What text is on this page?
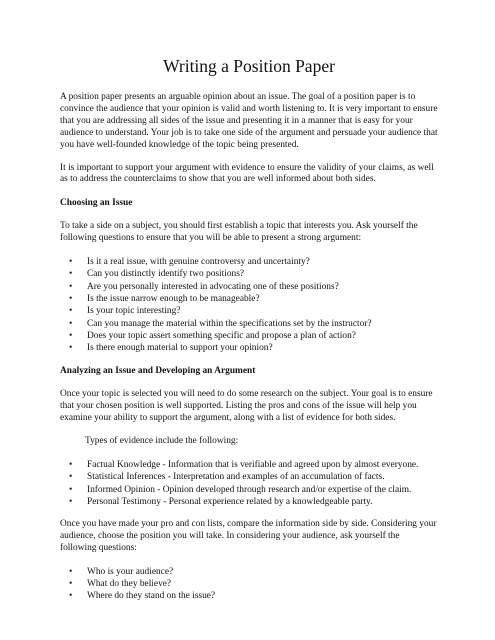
Writing a Position Paper

A position paper presents an arguable opinion about an issue. The goal of a position paper is to convince the audience that your opinion is valid and worth listening to. It is very important to ensure that you are addressing all sides of the issue and presenting it in a manner that is easy for your audience to understand. Your job is to take one side of the argument and persuade your audience that you have well-founded knowledge of the topic being presented.

It is important to support your argument with evidence to ensure the validity of your claims, as well as to address the counterclaims to show that you are well informed about both sides.

Choosing an Issue

To take a side on a subject, you should first establish a topic that interests you. Ask yourself the following questions to ensure that you will be able to present a strong argument:

• Is it a real issue, with genuine controversy and uncertainty?
• Can you distinctly identify two positions?
• Are you personally interested in advocating one of these positions?
• Is the issue narrow enough to be manageable?
• Is your topic interesting?
• Can you manage the material within the specifications set by the instructor?
• Does your topic assert something specific and propose a plan of action?
• Is there enough material to support your opinion?

Analyzing an Issue and Developing an Argument

Once your topic is selected you will need to do some research on the subject. Your goal is to ensure that your chosen position is well supported. Listing the pros and cons of the issue will help you examine your ability to support the argument, along with a list of evidence for both sides.

Types of evidence include the following:

• Factual Knowledge - Information that is verifiable and agreed upon by almost everyone.
• Statistical Inferences - Interpretation and examples of an accumulation of facts.
• Informed Opinion - Opinion developed through research and/or expertise of the claim.
• Personal Testimony - Personal experience related by a knowledgeable party.

Once you have made your pro and con lists, compare the information side by side. Considering your audience, choose the position you will take. In considering your audience, ask yourself the following questions:

• Who is your audience?
• What do they believe?
• Where do they stand on the issue?
